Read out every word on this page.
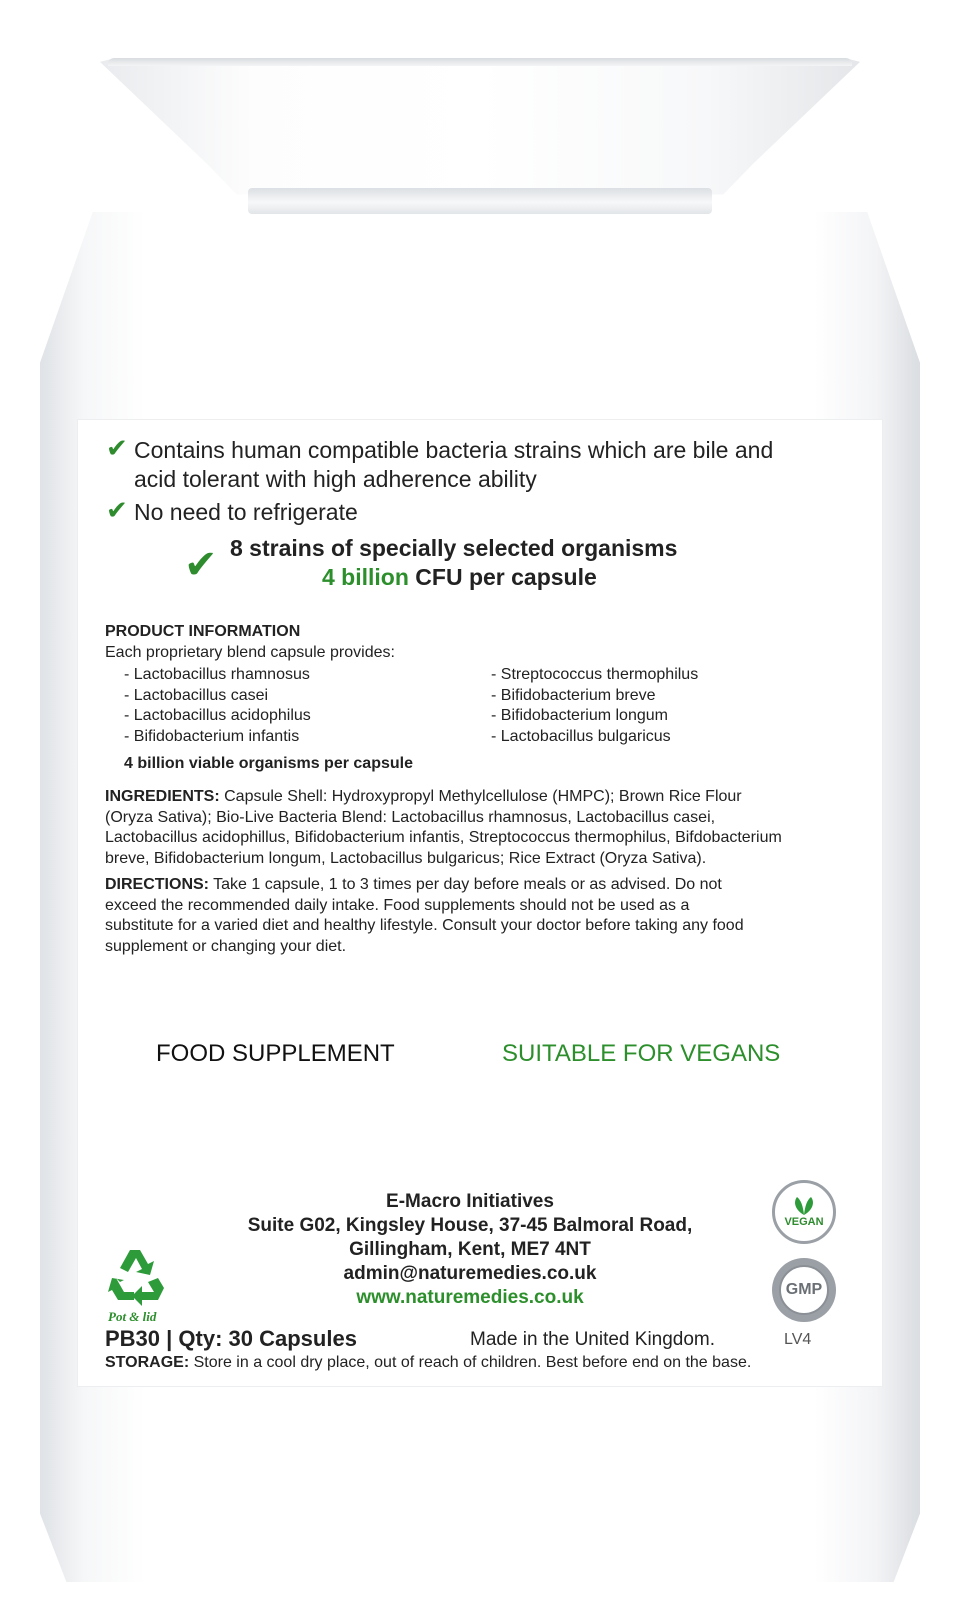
✔ Contains human compatible bacteria strains which are bile and
acid tolerant with high adherence ability
✔ No need to refrigerate
✔ 8 strains of specially selected organisms
4 billion CFU per capsule
PRODUCT INFORMATION
Each proprietary blend capsule provides:
- Lactobacillus rhamnosus
- Lactobacillus casei
- Lactobacillus acidophilus
- Bifidobacterium infantis
- Streptococcus thermophilus
- Bifidobacterium breve
- Bifidobacterium longum
- Lactobacillus bulgaricus
4 billion viable organisms per capsule
INGREDIENTS: Capsule Shell: Hydroxypropyl Methylcellulose (HMPC); Brown Rice Flour
(Oryza Sativa); Bio-Live Bacteria Blend: Lactobacillus rhamnosus, Lactobacillus casei,
Lactobacillus acidophillus, Bifidobacterium infantis, Streptococcus thermophilus, Bifdobacterium
breve, Bifidobacterium longum, Lactobacillus bulgaricus; Rice Extract (Oryza Sativa).
DIRECTIONS: Take 1 capsule, 1 to 3 times per day before meals or as advised. Do not
exceed the recommended daily intake. Food supplements should not be used as a
substitute for a varied diet and healthy lifestyle. Consult your doctor before taking any food
supplement or changing your diet.
FOOD SUPPLEMENT	SUITABLE FOR VEGANS
E-Macro Initiatives
Suite G02, Kingsley House, 37-45 Balmoral Road,
Gillingham, Kent, ME7 4NT
admin@naturemedies.co.uk
www.naturemedies.co.uk
Pot & lid
VEGAN
GMP
PB30 | Qty: 30 Capsules	Made in the United Kingdom.	LV4
STORAGE: Store in a cool dry place, out of reach of children. Best before end on the base.
